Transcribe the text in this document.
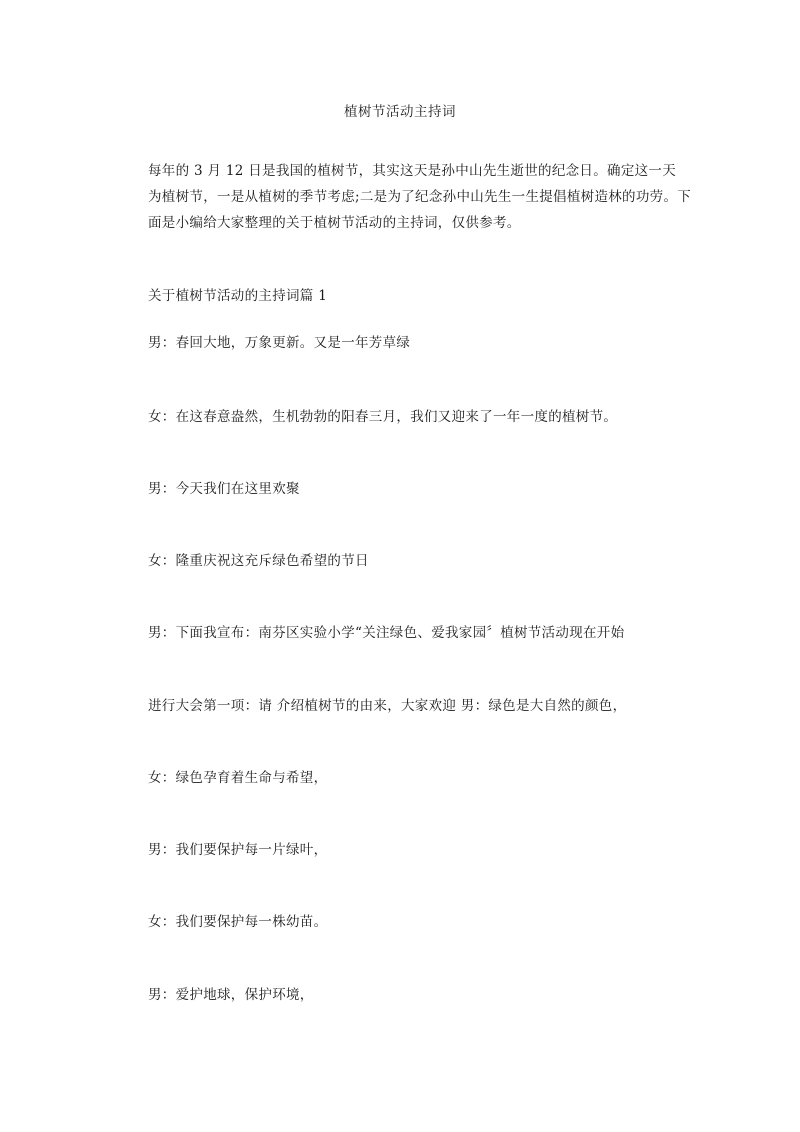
植树节活动主持词
每年的 3 月 12 日是我国的植树节，其实这天是孙中山先生逝世的纪念日。确定这一天
为植树节，一是从植树的季节考虑;二是为了纪念孙中山先生一生提倡植树造林的功劳。下
面是小编给大家整理的关于植树节活动的主持词，仅供参考。
关于植树节活动的主持词篇 1
男：春回大地，万象更新。又是一年芳草绿
女：在这春意盎然，生机勃勃的阳春三月，我们又迎来了一年一度的植树节。
男：今天我们在这里欢聚
女：隆重庆祝这充斥绿色希望的节日
男：下面我宣布：南芬区实验小学“关注绿色、爱我家园〞植树节活动现在开始
进行大会第一项：请 介绍植树节的由来，大家欢迎 男：绿色是大自然的颜色，
女：绿色孕育着生命与希望，
男：我们要保护每一片绿叶，
女：我们要保护每一株幼苗。
男：爱护地球，保护环境，
